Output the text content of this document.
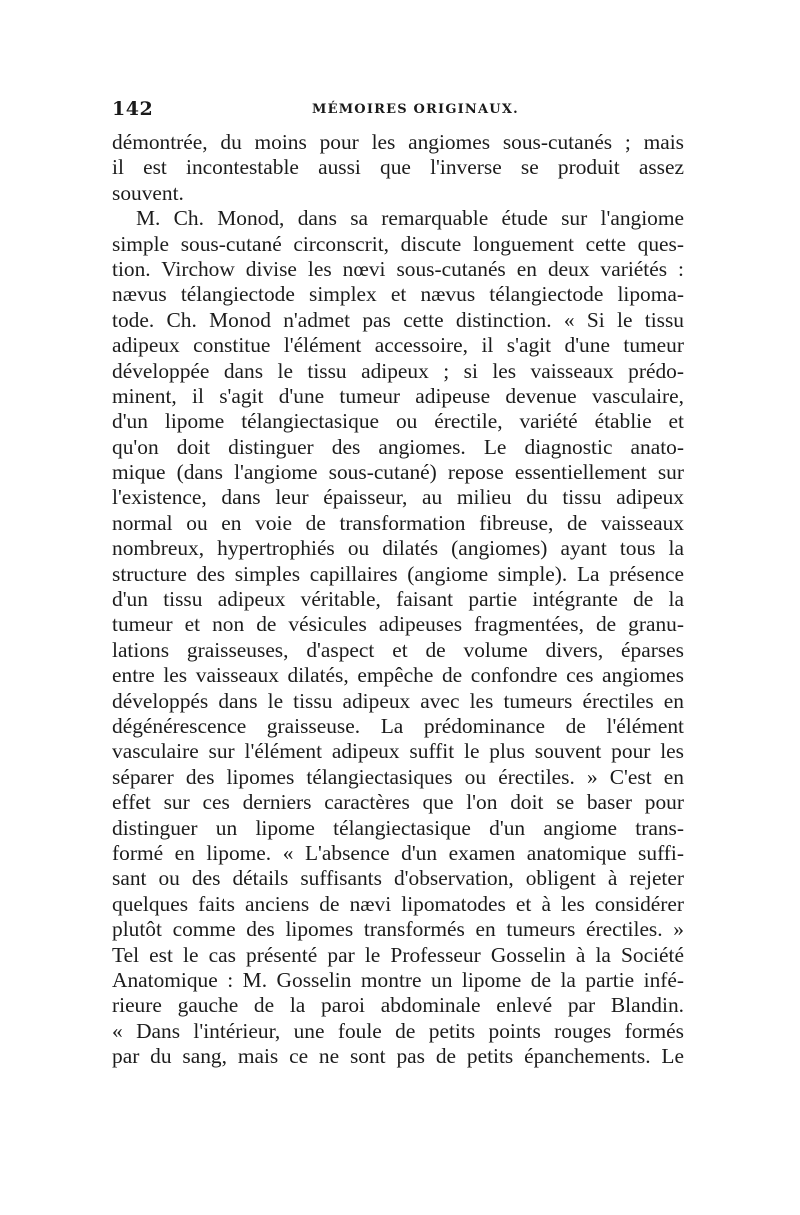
142	MÉMOIRES ORIGINAUX.
démontrée, du moins pour les angiomes sous-cutanés ; mais
il est incontestable aussi que l'inverse se produit assez
souvent.
M. Ch. Monod, dans sa remarquable étude sur l'angiome
simple sous-cutané circonscrit, discute longuement cette ques-
tion. Virchow divise les nœvi sous-cutanés en deux variétés :
nævus télangiectode simplex et nævus télangiectode lipoma-
tode. Ch. Monod n'admet pas cette distinction. « Si le tissu
adipeux constitue l'élément accessoire, il s'agit d'une tumeur
développée dans le tissu adipeux ; si les vaisseaux prédo-
minent, il s'agit d'une tumeur adipeuse devenue vasculaire,
d'un lipome télangiectasique ou érectile, variété établie et
qu'on doit distinguer des angiomes. Le diagnostic anato-
mique (dans l'angiome sous-cutané) repose essentiellement sur
l'existence, dans leur épaisseur, au milieu du tissu adipeux
normal ou en voie de transformation fibreuse, de vaisseaux
nombreux, hypertrophiés ou dilatés (angiomes) ayant tous la
structure des simples capillaires (angiome simple). La présence
d'un tissu adipeux véritable, faisant partie intégrante de la
tumeur et non de vésicules adipeuses fragmentées, de granu-
lations graisseuses, d'aspect et de volume divers, éparses
entre les vaisseaux dilatés, empêche de confondre ces angiomes
développés dans le tissu adipeux avec les tumeurs érectiles en
dégénérescence graisseuse. La prédominance de l'élément
vasculaire sur l'élément adipeux suffit le plus souvent pour les
séparer des lipomes télangiectasiques ou érectiles. » C'est en
effet sur ces derniers caractères que l'on doit se baser pour
distinguer un lipome télangiectasique d'un angiome trans-
formé en lipome. « L'absence d'un examen anatomique suffi-
sant ou des détails suffisants d'observation, obligent à rejeter
quelques faits anciens de nævi lipomatodes et à les considérer
plutôt comme des lipomes transformés en tumeurs érectiles. »
Tel est le cas présenté par le Professeur Gosselin à la Société
Anatomique : M. Gosselin montre un lipome de la partie infé-
rieure gauche de la paroi abdominale enlevé par Blandin.
« Dans l'intérieur, une foule de petits points rouges formés
par du sang, mais ce ne sont pas de petits épanchements. Le
